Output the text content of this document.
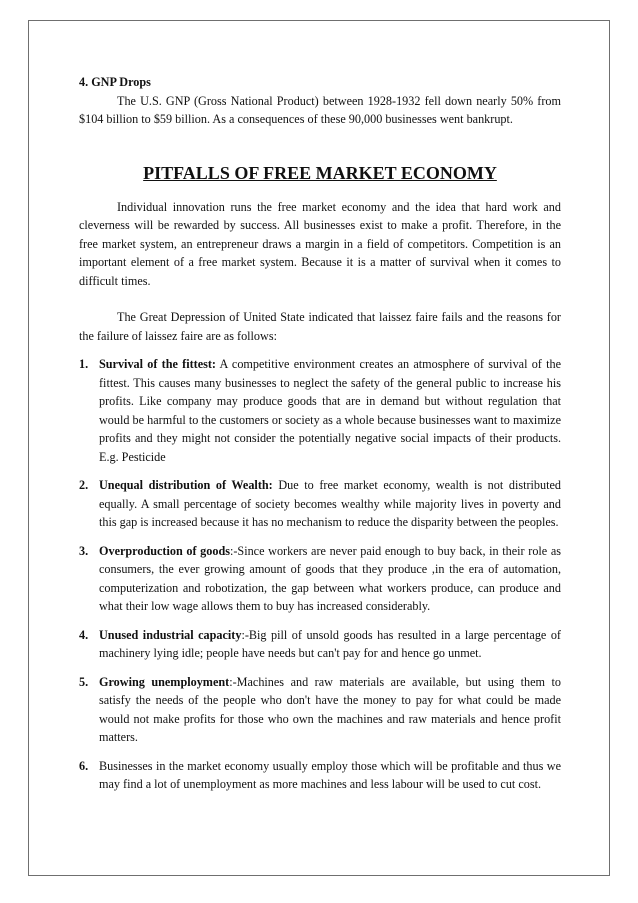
4. GNP Drops

The U.S. GNP (Gross National Product) between 1928-1932 fell down nearly 50% from $104 billion to $59 billion. As a consequences of these 90,000 businesses went bankrupt.

PITFALLS OF FREE MARKET ECONOMY

Individual innovation runs the free market economy and the idea that hard work and cleverness will be rewarded by success. All businesses exist to make a profit. Therefore, in the free market system, an entrepreneur draws a margin in a field of competitors. Competition is an important element of a free market system. Because it is a matter of survival when it comes to difficult times.

The Great Depression of United State indicated that laissez faire fails and the reasons for the failure of laissez faire are as follows:

1. Survival of the fittest: A competitive environment creates an atmosphere of survival of the fittest. This causes many businesses to neglect the safety of the general public to increase his profits. Like company may produce goods that are in demand but without regulation that would be harmful to the customers or society as a whole because businesses want to maximize profits and they might not consider the potentially negative social impacts of their products. E.g. Pesticide
2. Unequal distribution of Wealth: Due to free market economy, wealth is not distributed equally. A small percentage of society becomes wealthy while majority lives in poverty and this gap is increased because it has no mechanism to reduce the disparity between the peoples.
3. Overproduction of goods:-Since workers are never paid enough to buy back, in their role as consumers, the ever growing amount of goods that they produce ,in the era of automation, computerization and robotization, the gap between what workers produce, can produce and what their low wage allows them to buy has increased considerably.
4. Unused industrial capacity:-Big pill of unsold goods has resulted in a large percentage of machinery lying idle; people have needs but can't pay for and hence go unmet.
5. Growing unemployment:-Machines and raw materials are available, but using them to satisfy the needs of the people who don't have the money to pay for what could be made would not make profits for those who own the machines and raw materials and hence profit matters.
6. Businesses in the market economy usually employ those which will be profitable and thus we may find a lot of unemployment as more machines and less labour will be used to cut cost.
